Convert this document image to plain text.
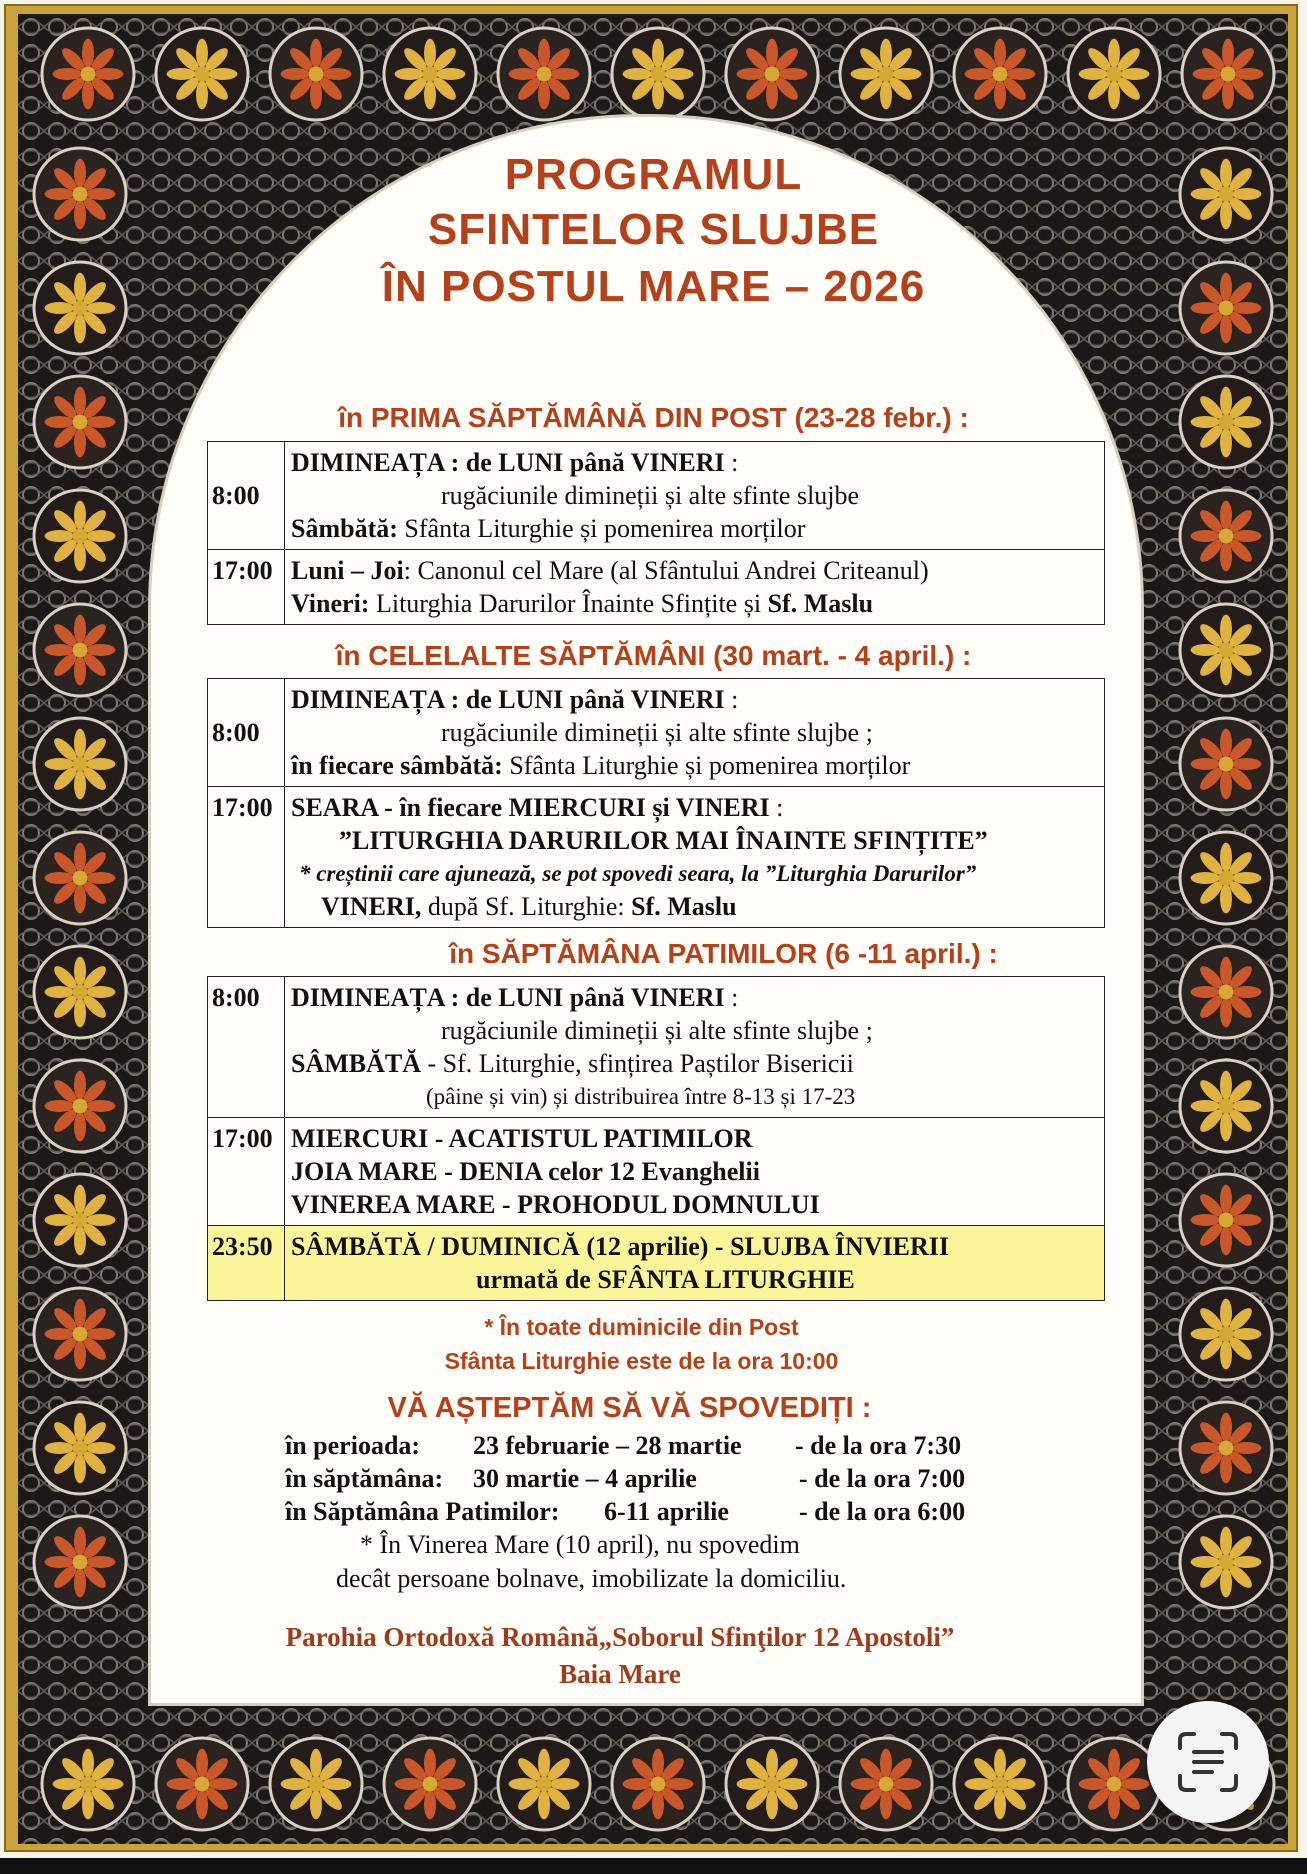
PROGRAMUL
SFINTELOR SLUJBE
ÎN POSTUL MARE – 2026
în PRIMA SĂPTĂMÂNĂ DIN POST (23-28 febr.) :
8:00	DIMINEAȚA : de LUNI până VINERI :
rugăciunile dimineții și alte sfinte slujbe
Sâmbătă: Sfânta Liturghie și pomenirea morților

17:00	Luni – Joi: Canonul cel Mare (al Sfântului Andrei Criteanul)
Vineri: Liturghia Darurilor Înainte Sfințite și Sf. Maslu
în CELELALTE SĂPTĂMÂNI (30 mart. - 4 april.) :
8:00	DIMINEAȚA : de LUNI până VINERI :
rugăciunile dimineții și alte sfinte slujbe ;
în fiecare sâmbătă: Sfânta Liturghie și pomenirea morților

17:00	SEARA - în fiecare MIERCURI și VINERI :
”LITURGHIA DARURILOR MAI ÎNAINTE SFINȚITE”
* creștinii care ajunează, se pot spovedi seara, la ”Liturghia Darurilor”
VINERI, după Sf. Liturghie: Sf. Maslu
în SĂPTĂMÂNA PATIMILOR (6 -11 april.) :
8:00	DIMINEAȚA : de LUNI până VINERI :
rugăciunile dimineții și alte sfinte slujbe ;
SÂMBĂTĂ - Sf. Liturghie, sfințirea Paștilor Bisericii
(pâine și vin) și distribuirea între 8-13 și 17-23

17:00	MIERCURI - ACATISTUL PATIMILOR
JOIA MARE - DENIA celor 12 Evanghelii
VINEREA MARE - PROHODUL DOMNULUI

23:50	SÂMBĂTĂ / DUMINICĂ (12 aprilie) - SLUJBA ÎNVIERII
urmată de SFÂNTA LITURGHIE
* În toate duminicile din Post
Sfânta Liturghie este de la ora 10:00
VĂ AȘTEPTĂM SĂ VĂ SPOVEDIȚI :
în perioada: 23 februarie – 28 martie - de la ora 7:30
în săptămâna: 30 martie – 4 aprilie	- de la ora 7:00
în Săptămâna Patimilor: 6-11 aprilie	- de la ora 6:00
* În Vinerea Mare (10 april), nu spovedim
decât persoane bolnave, imobilizate la domiciliu.
Parohia Ortodoxă Română„Soborul Sfinţilor 12 Apostoli”
Baia Mare
